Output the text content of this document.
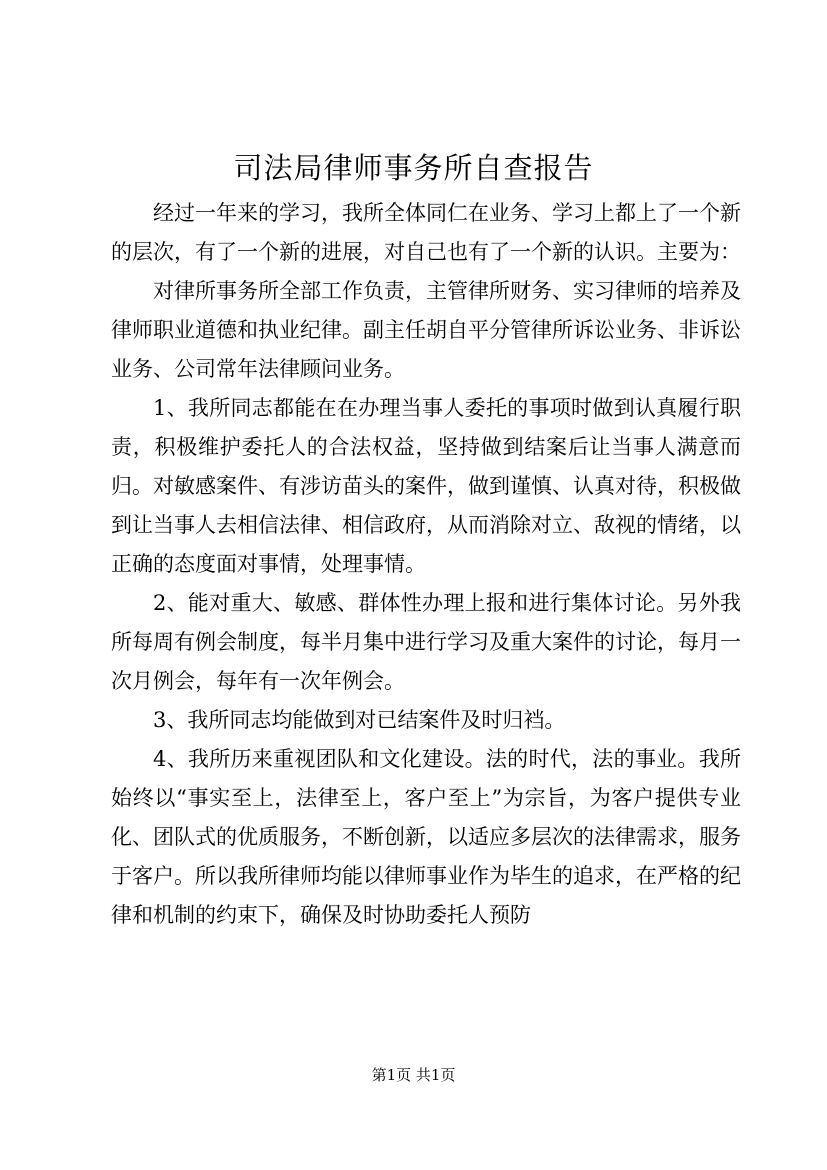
司法局律师事务所自查报告

经过一年来的学习，我所全体同仁在业务、学习上都上了一个新的层次，有了一个新的进展，对自己也有了一个新的认识。主要为：

对律所事务所全部工作负责，主管律所财务、实习律师的培养及律师职业道德和执业纪律。副主任胡自平分管律所诉讼业务、非诉讼业务、公司常年法律顾问业务。

1、我所同志都能在在办理当事人委托的事项时做到认真履行职责，积极维护委托人的合法权益，坚持做到结案后让当事人满意而归。对敏感案件、有涉访苗头的案件，做到谨慎、认真对待，积极做到让当事人去相信法律、相信政府，从而消除对立、敌视的情绪，以正确的态度面对事情，处理事情。

2、能对重大、敏感、群体性办理上报和进行集体讨论。另外我所每周有例会制度，每半月集中进行学习及重大案件的讨论，每月一次月例会，每年有一次年例会。

3、我所同志均能做到对已结案件及时归裆。

4、我所历来重视团队和文化建设。法的时代，法的事业。我所始终以“事实至上，法律至上，客户至上”为宗旨，为客户提供专业化、团队式的优质服务，不断创新，以适应多层次的法律需求，服务于客户。所以我所律师均能以律师事业作为毕生的追求，在严格的纪律和机制的约束下，确保及时协助委托人预防

第1页 共1页
